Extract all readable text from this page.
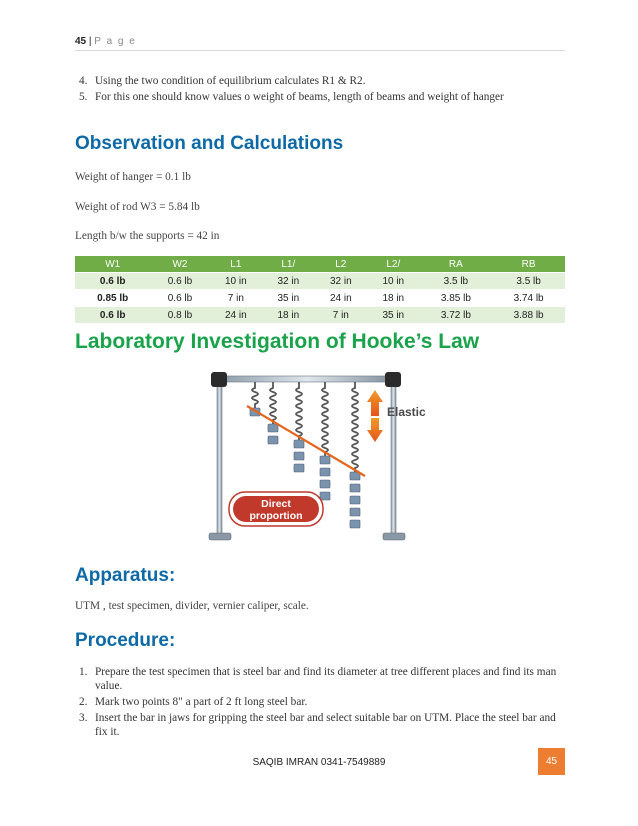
45 | P a g e
4. Using the two condition of equilibrium calculates R1 & R2.
5. For this one should know values o weight of beams, length of beams and weight of hanger
Observation and Calculations

Weight of hanger = 0.1 lb

Weight of rod W3 = 5.84 lb

Length b/w the supports = 42 in

W1	W2	L1	L1/	L2	L2/	RA	RB
0.6 lb	0.6 lb	10 in	32 in	32 in	10 in	3.5 lb	3.5 lb
0.85 lb	0.6 lb	7 in	35 in	24 in	18 in	3.85 lb	3.74 lb
0.6 lb	0.8 lb	24 in	18 in	7 in	35 in	3.72 lb	3.88 lb
Laboratory Investigation of Hooke’s Law
Elastic
Direct
proportion
Apparatus:

UTM , test specimen, divider, vernier caliper, scale.

Procedure:
1. Prepare the test specimen that is steel bar and find its diameter at tree different places and find its man value.
2. Mark two points 8" a part of 2 ft long steel bar.
3. Insert the bar in jaws for gripping the steel bar and select suitable bar on UTM. Place the steel bar and fix it.
SAQIB IMRAN 0341-7549889	45
